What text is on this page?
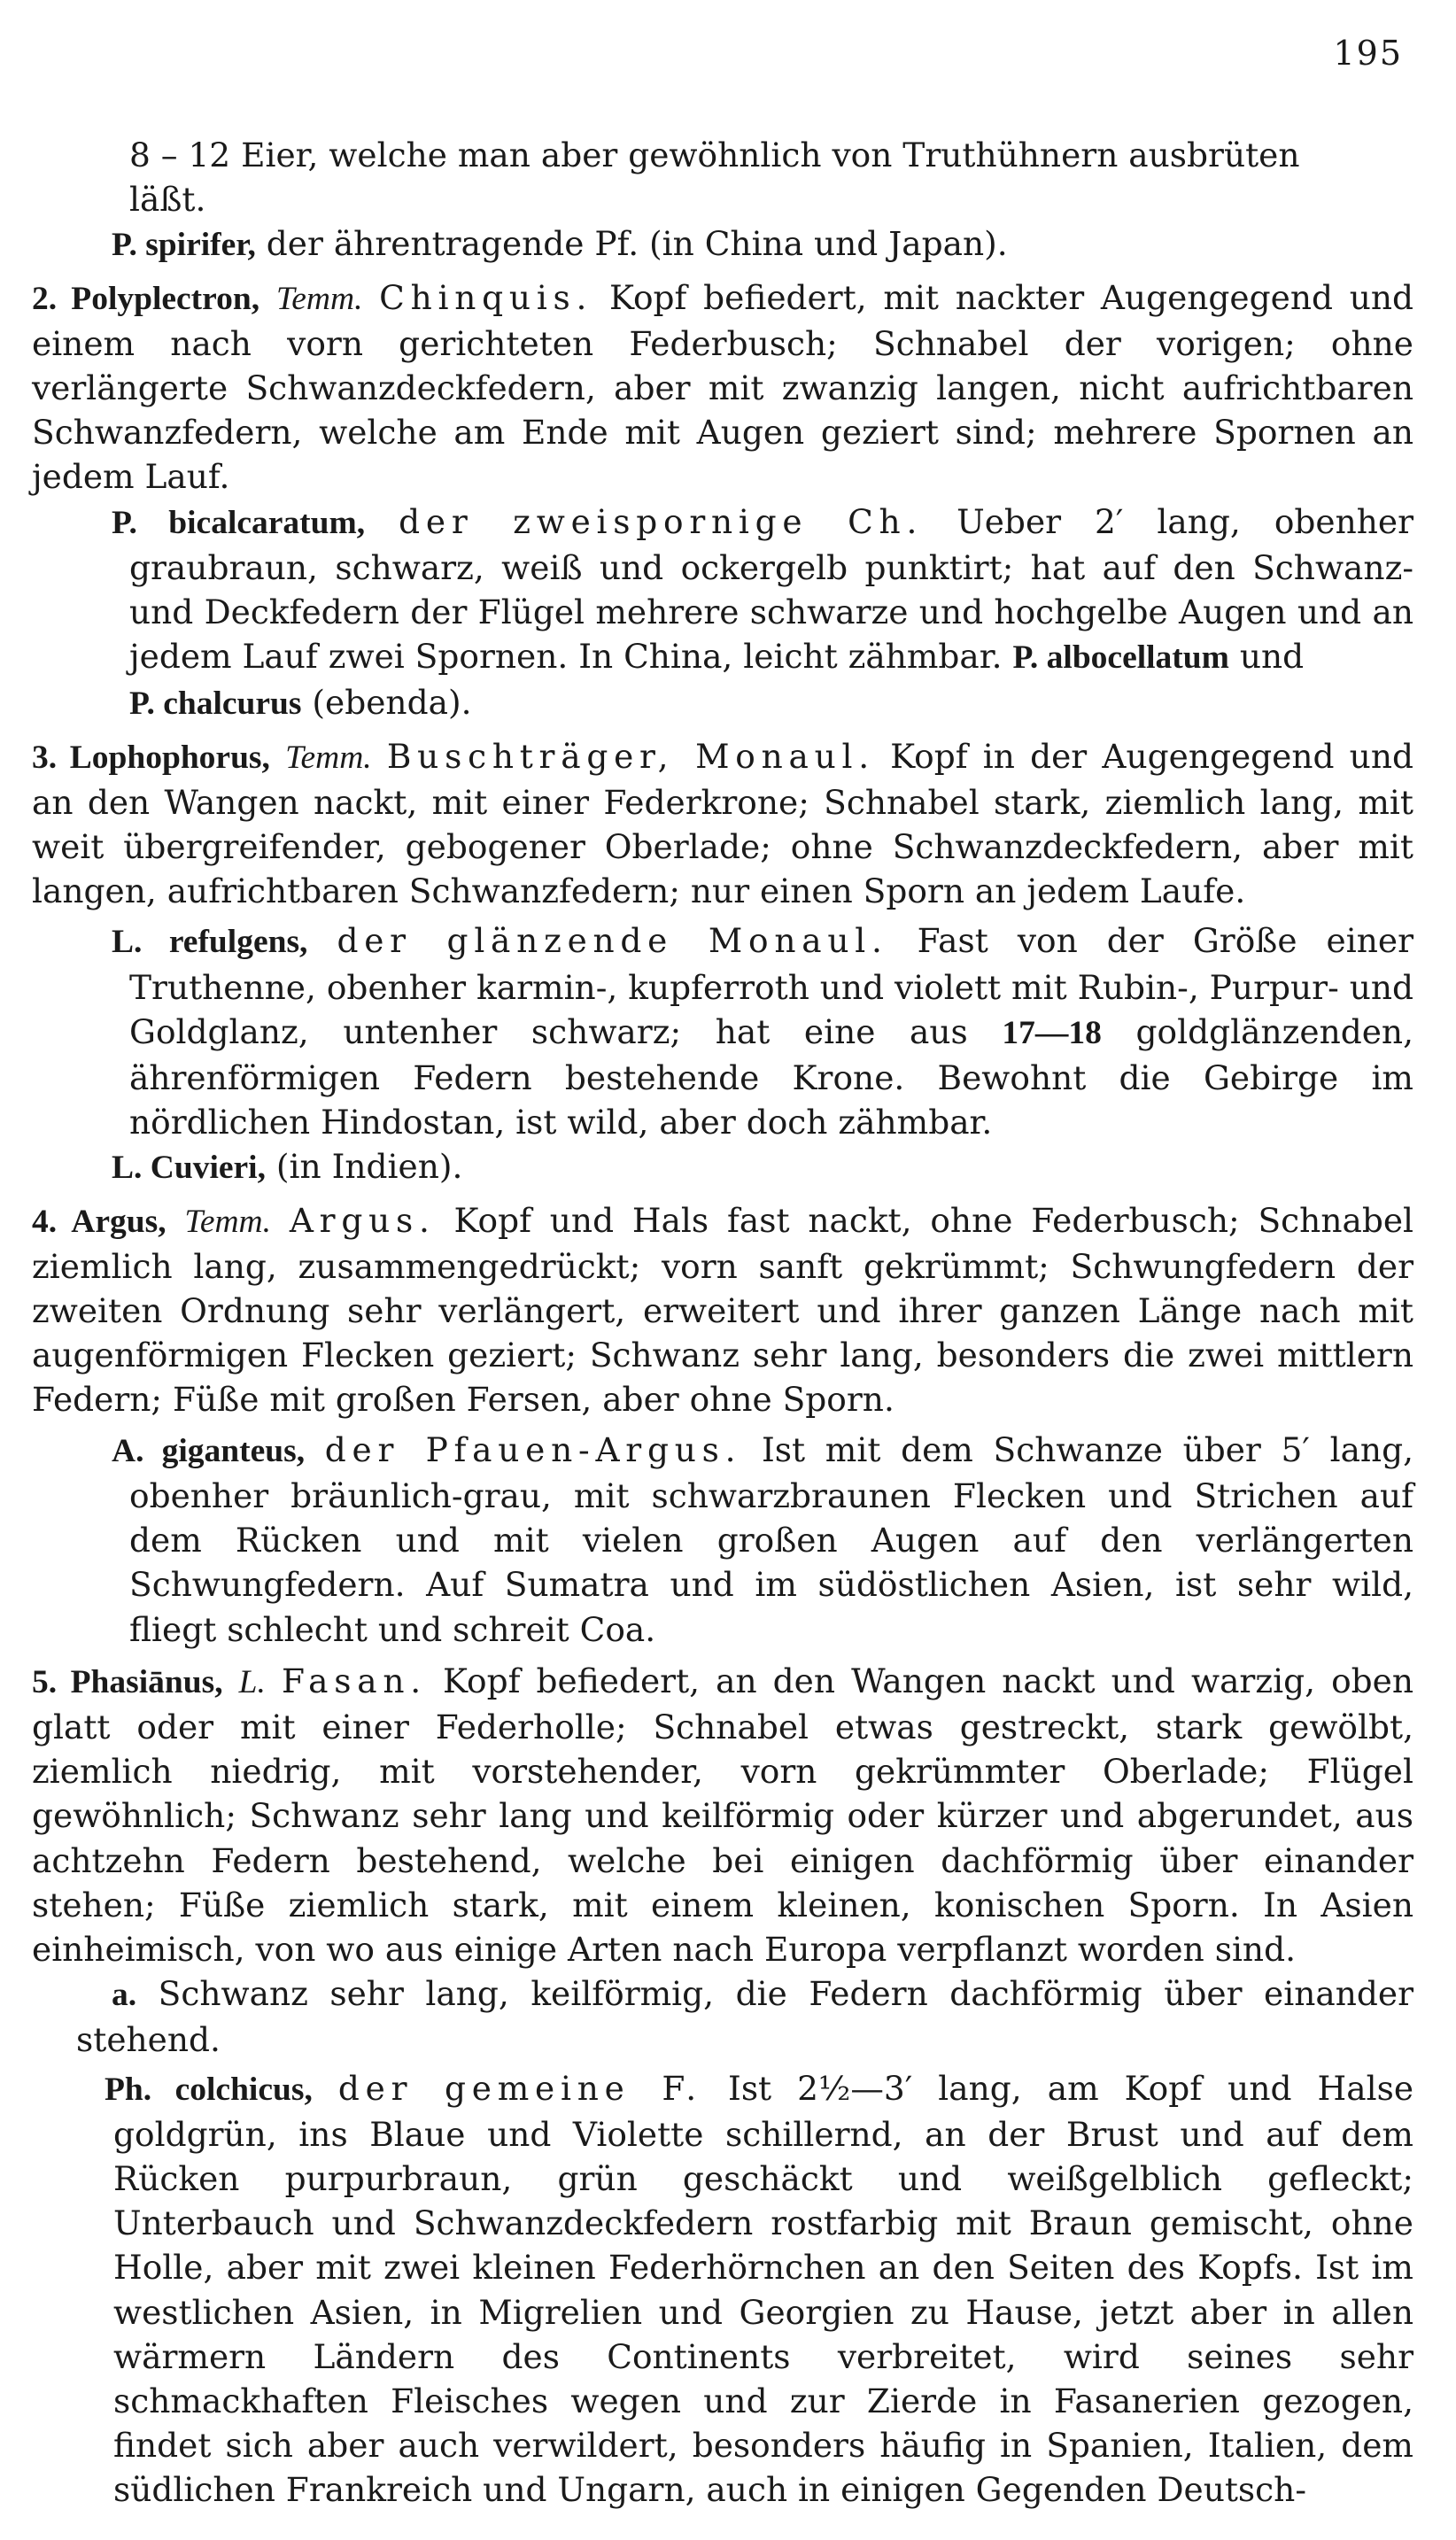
195

8 – 12 Eier, welche man aber gewöhnlich von Truthühnern ausbrüten
läßt.

P. spirifer, der ährentragende Pf. (in China und Japan).

2. Polyplectron, Temm. Chinquis. Kopf befiedert, mit nackter Augengegend und einem nach vorn gerichteten Federbusch; Schnabel der vorigen; ohne verlängerte Schwanzdeckfedern, aber mit zwanzig langen, nicht aufrichtbaren Schwanzfedern, welche am Ende mit Augen geziert sind; mehrere Spornen an jedem Lauf.

P. bicalcaratum, der zweispornige Ch. Ueber 2′ lang, obenher graubraun, schwarz, weiß und ockergelb punktirt; hat auf den Schwanz- und Deckfedern der Flügel mehrere schwarze und hochgelbe Augen und an jedem Lauf zwei Spornen. In China, leicht zähmbar. P. albocellatum und
P. chalcurus (ebenda).

3. Lophophorus, Temm. Buschträger, Monaul. Kopf in der Augengegend und an den Wangen nackt, mit einer Federkrone; Schnabel stark, ziemlich lang, mit weit übergreifender, gebogener Oberlade; ohne Schwanzdeckfedern, aber mit langen, aufrichtbaren Schwanzfedern; nur einen Sporn an jedem Laufe.

L. refulgens, der glänzende Monaul. Fast von der Größe einer Truthenne, obenher karmin-, kupferroth und violett mit Rubin-, Purpur- und Goldglanz, untenher schwarz; hat eine aus 17—18 goldglänzenden, ährenförmigen Federn bestehende Krone. Bewohnt die Gebirge im nördlichen Hindostan, ist wild, aber doch zähmbar.

L. Cuvieri, (in Indien).

4. Argus, Temm. Argus. Kopf und Hals fast nackt, ohne Federbusch; Schnabel ziemlich lang, zusammengedrückt; vorn sanft gekrümmt; Schwungfedern der zweiten Ordnung sehr verlängert, erweitert und ihrer ganzen Länge nach mit augenförmigen Flecken geziert; Schwanz sehr lang, besonders die zwei mittlern Federn; Füße mit großen Fersen, aber ohne Sporn.

A. giganteus, der Pfauen-Argus. Ist mit dem Schwanze über 5′ lang, obenher bräunlich-grau, mit schwarzbraunen Flecken und Strichen auf dem Rücken und mit vielen großen Augen auf den verlängerten Schwungfedern. Auf Sumatra und im südöstlichen Asien, ist sehr wild, fliegt schlecht und schreit Coa.

5. Phasiānus, L. Fasan. Kopf befiedert, an den Wangen nackt und warzig, oben glatt oder mit einer Federholle; Schnabel etwas gestreckt, stark gewölbt, ziemlich niedrig, mit vorstehender, vorn gekrümmter Oberlade; Flügel gewöhnlich; Schwanz sehr lang und keilförmig oder kürzer und abgerundet, aus achtzehn Federn bestehend, welche bei einigen dachförmig über einander stehen; Füße ziemlich stark, mit einem kleinen, konischen Sporn. In Asien einheimisch, von wo aus einige Arten nach Europa verpflanzt worden sind.

a. Schwanz sehr lang, keilförmig, die Federn dachförmig über einander stehend.

Ph. colchicus, der gemeine F. Ist 2½—3′ lang, am Kopf und Halse goldgrün, ins Blaue und Violette schillernd, an der Brust und auf dem Rücken purpurbraun, grün geschäckt und weißgelblich gefleckt; Unterbauch und Schwanzdeckfedern rostfarbig mit Braun gemischt, ohne Holle, aber mit zwei kleinen Federhörnchen an den Seiten des Kopfs. Ist im westlichen Asien, in Migrelien und Georgien zu Hause, jetzt aber in allen wärmern Ländern des Continents verbreitet, wird seines sehr schmackhaften Fleisches wegen und zur Zierde in Fasanerien gezogen, findet sich aber auch verwildert, besonders häufig in Spanien, Italien, dem südlichen Frankreich und Ungarn, auch in einigen Gegenden Deutsch-
